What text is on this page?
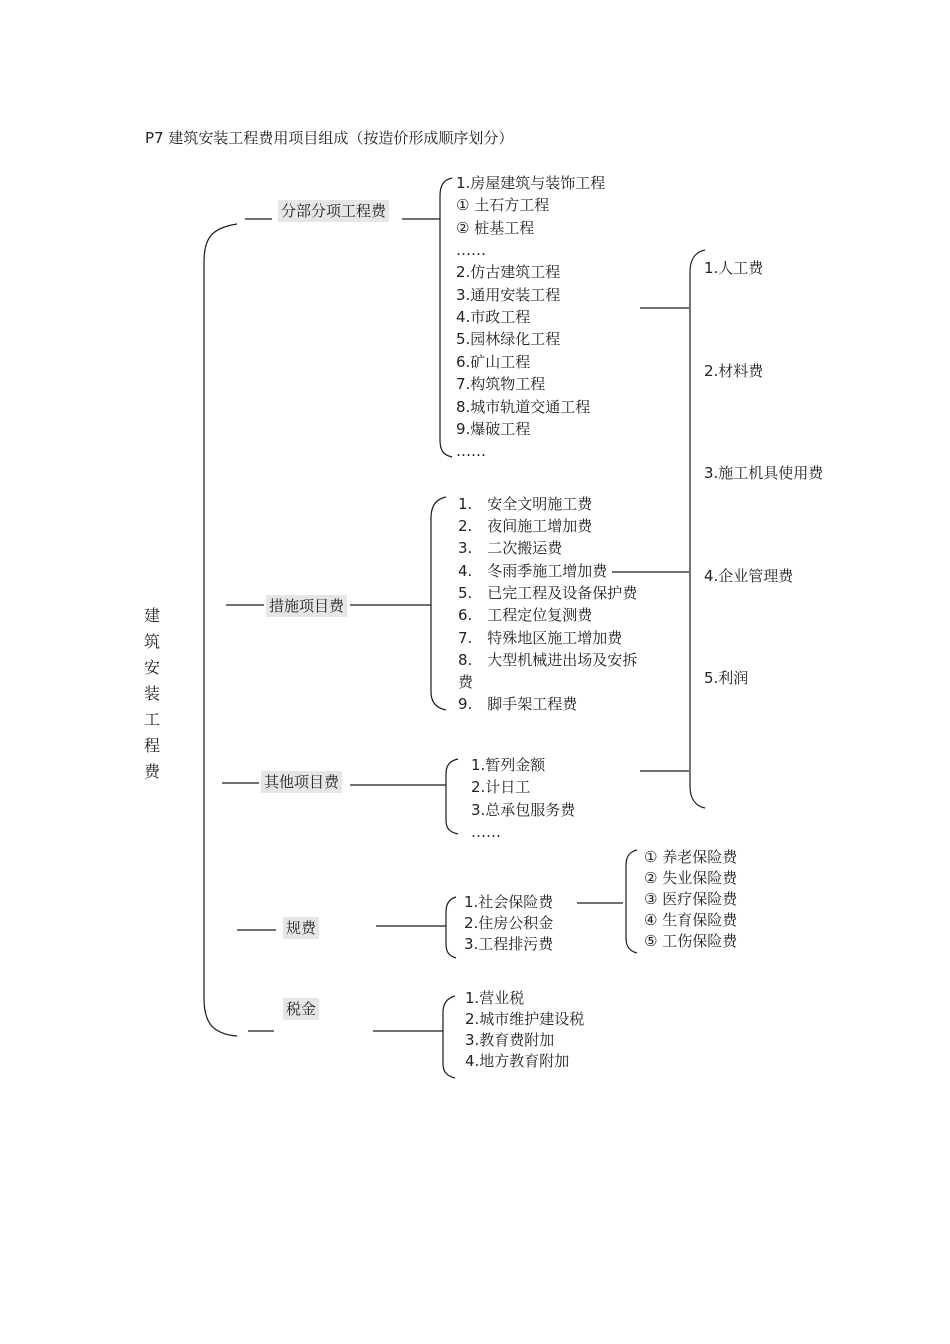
P7 建筑安装工程费用项目组成（按造价形成顺序划分）
建
筑
安
装
工
程
费
分部分项工程费
措施项目费
其他项目费
规费
税金
1.房屋建筑与装饰工程
① 土石方工程
② 桩基工程
……
2.仿古建筑工程
3.通用安装工程
4.市政工程
5.园林绿化工程
6.矿山工程
7.构筑物工程
8.城市轨道交通工程
9.爆破工程
……
1.　安全文明施工费
2.　夜间施工增加费
3.　二次搬运费
4.　冬雨季施工增加费
5.　已完工程及设备保护费
6.　工程定位复测费
7.　特殊地区施工增加费
8.　大型机械进出场及安拆
费
9.　脚手架工程费
1.暂列金额
2.计日工
3.总承包服务费
……
1.人工费
2.材料费
3.施工机具使用费
4.企业管理费
5.利润
1.社会保险费
2.住房公积金
3.工程排污费
① 养老保险费
② 失业保险费
③ 医疗保险费
④ 生育保险费
⑤ 工伤保险费
1.营业税
2.城市维护建设税
3.教育费附加
4.地方教育附加
